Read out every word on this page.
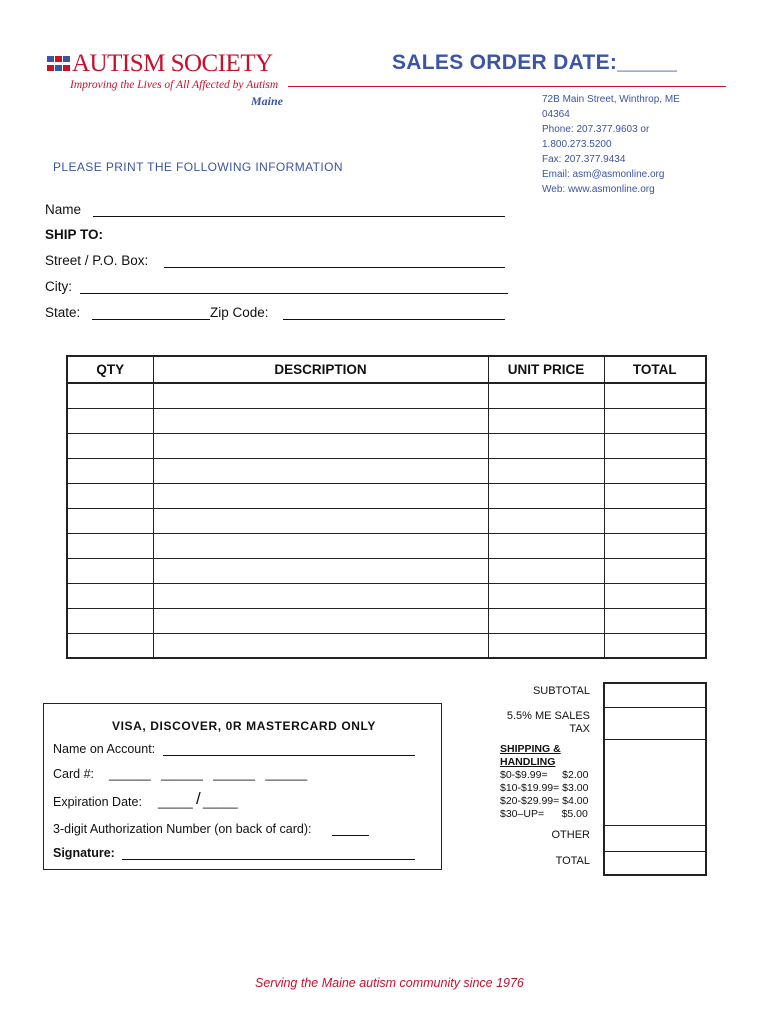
AUTISM SOCIETY
Improving the Lives of All Affected by Autism
Maine
SALES ORDER DATE:_____
72B Main Street, Winthrop, ME
04364
Phone: 207.377.9603 or
1.800.273.5200
Fax: 207.377.9434
Email: asm@asmonline.org
Web: www.asmonline.org
PLEASE PRINT THE FOLLOWING INFORMATION
Name
SHIP TO:
Street / P.O. Box:
City:
State:	Zip Code:
QTY	DESCRIPTION	UNIT PRICE	TOTAL

SUBTOTAL
5.5% ME SALES
TAX
SHIPPING &
HANDLING
$0-$9.99=     $2.00
$10-$19.99= $3.00
$20-$29.99= $4.00
$30–UP=      $5.00
OTHER
TOTAL

VISA, DISCOVER, 0R MASTERCARD ONLY
Name on Account:
Card #: ______   ______   ______   ______
Expiration Date: _____ / _____
3-digit Authorization Number (on back of card):
Signature:
Serving the Maine autism community since 1976
